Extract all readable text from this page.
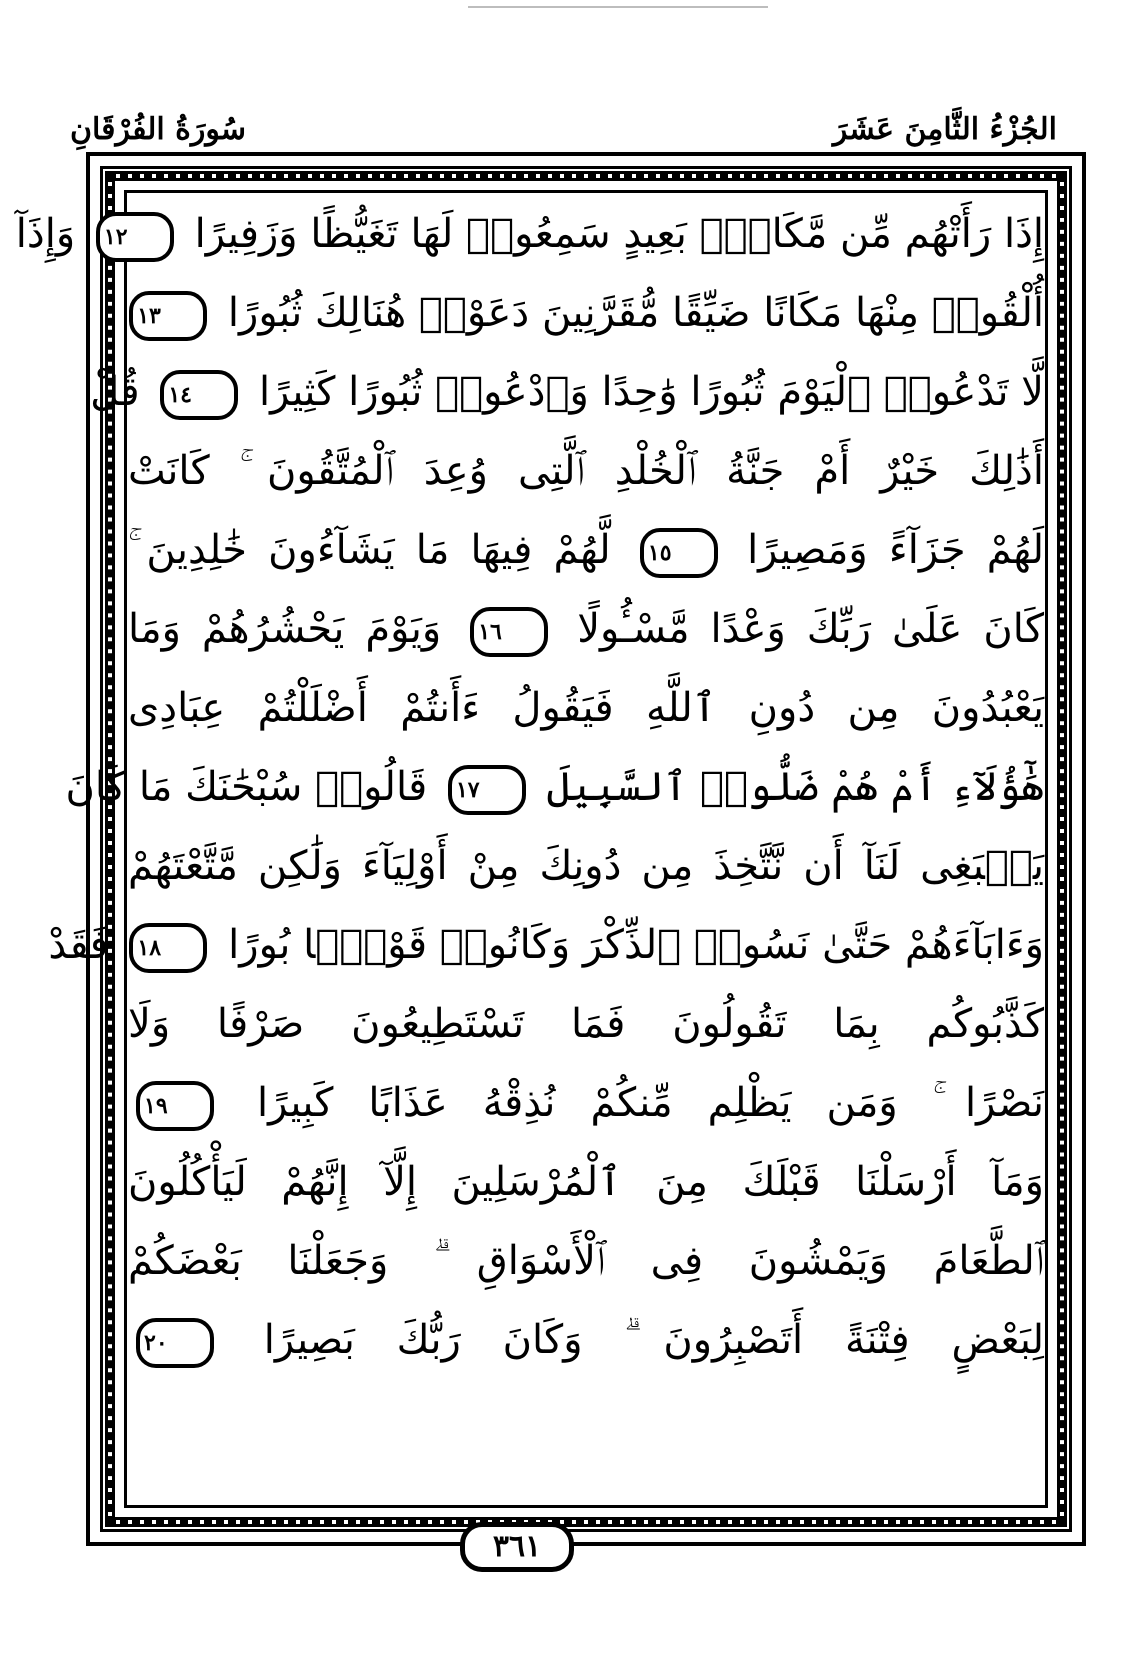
الجُزْءُ الثَّامِنَ عَشَرَ
سُورَةُ الفُرْقَانِ
إِذَا رَأَتْهُم مِّن مَّكَانٍۭ بَعِيدٍ سَمِعُوا۟ لَهَا تَغَيُّظًا وَزَفِيرًا ١٢ وَإِذَآ
أُلْقُوا۟ مِنْهَا مَكَانًا ضَيِّقًا مُّقَرَّنِينَ دَعَوْا۟ هُنَالِكَ ثُبُورًا ١٣
لَّا تَدْعُوا۟ ٱلْيَوْمَ ثُبُورًا وَٰحِدًا وَٱدْعُوا۟ ثُبُورًا كَثِيرًا ١٤ قُلْ
أَذَٰلِكَ خَيْرٌ أَمْ جَنَّةُ ٱلْخُلْدِ ٱلَّتِى وُعِدَ ٱلْمُتَّقُونَ ۚ كَانَتْ
لَهُمْ جَزَآءً وَمَصِيرًا ١٥ لَّهُمْ فِيهَا مَا يَشَآءُونَ خَٰلِدِينَ ۚ
كَانَ عَلَىٰ رَبِّكَ وَعْدًا مَّسْـُٔولًا ١٦ وَيَوْمَ يَحْشُرُهُمْ وَمَا
يَعْبُدُونَ مِن دُونِ ٱللَّهِ فَيَقُولُ ءَأَنتُمْ أَضْلَلْتُمْ عِبَادِى
هَٰٓؤُلَآءِ أَمْ هُمْ ضَلُّوا۟ ٱلسَّبِيلَ ١٧ قَالُوا۟ سُبْحَٰنَكَ مَا كَانَ
يَنۢبَغِى لَنَآ أَن نَّتَّخِذَ مِن دُونِكَ مِنْ أَوْلِيَآءَ وَلَٰكِن مَّتَّعْتَهُمْ
وَءَابَآءَهُمْ حَتَّىٰ نَسُوا۟ ٱلذِّكْرَ وَكَانُوا۟ قَوْمًۢا بُورًا ١٨ فَقَدْ
كَذَّبُوكُم بِمَا تَقُولُونَ فَمَا تَسْتَطِيعُونَ صَرْفًا وَلَا
نَصْرًا ۚ وَمَن يَظْلِم مِّنكُمْ نُذِقْهُ عَذَابًا كَبِيرًا ١٩
وَمَآ أَرْسَلْنَا قَبْلَكَ مِنَ ٱلْمُرْسَلِينَ إِلَّآ إِنَّهُمْ لَيَأْكُلُونَ
ٱلطَّعَامَ وَيَمْشُونَ فِى ٱلْأَسْوَاقِ ۗ وَجَعَلْنَا بَعْضَكُمْ
لِبَعْضٍ فِتْنَةً أَتَصْبِرُونَ ۗ وَكَانَ رَبُّكَ بَصِيرًا ٢٠
٣٦١
